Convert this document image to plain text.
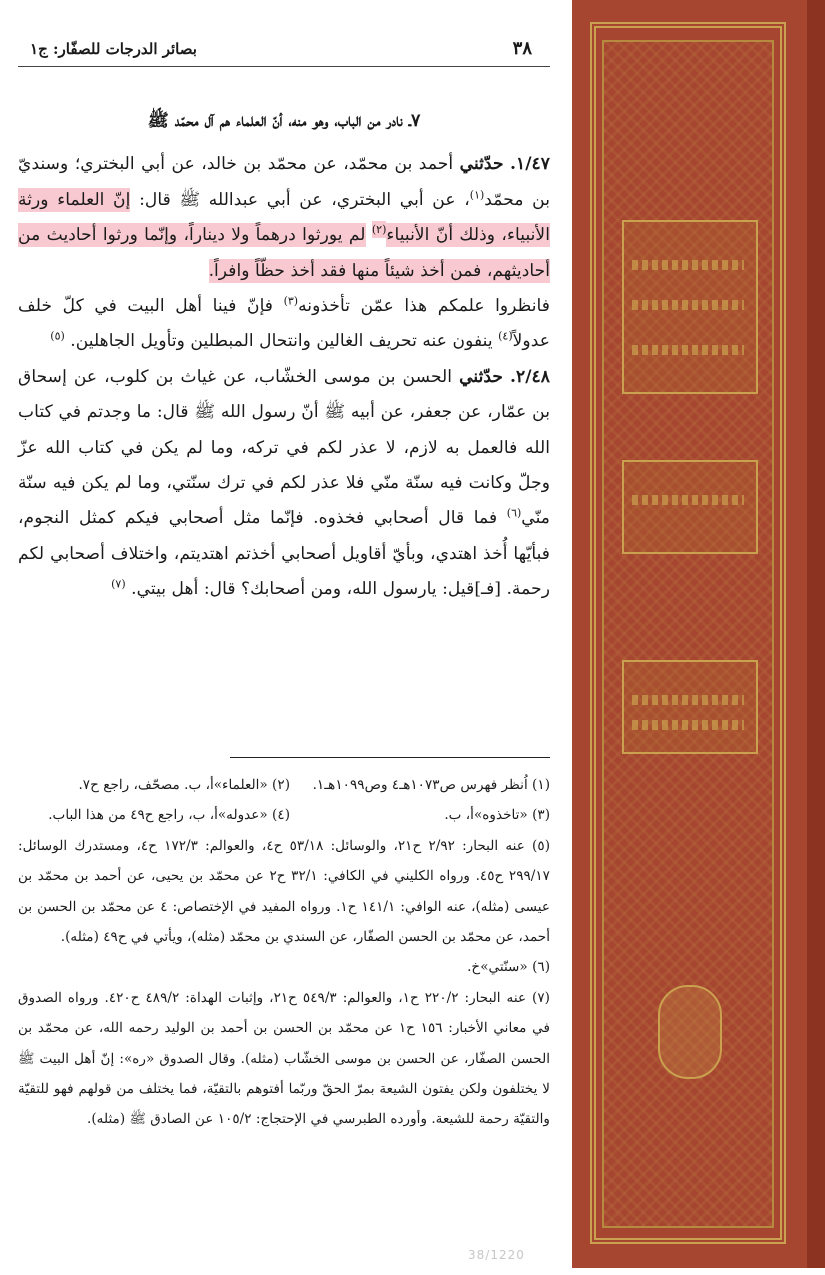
٣٨
بصائر الدرجات للصفّار: ج١

٧ـ نادر من الباب، وهو منه، أنّ العلماء هم آل محمّد ﷺ

١/٤٧. حدّثني أحمد بن محمّد، عن محمّد بن خالد، عن أبي البختري؛ وسنديّ بن محمّد$^{(١)}$، عن أبي البختري، عن أبي عبدالله ﷺ قال: إنّ العلماء ورثة الأنبياء، وذلك أنّ الأنبياء$^{(٢)}$ لم يورثوا درهماً ولا ديناراً، وإنّما ورثوا أحاديث من أحاديثهم، فمن أخذ شيئاً منها فقد أخذ حظّاً وافراً.

فانظروا علمكم هذا عمّن تأخذونه$^{(٣)}$ فإنّ فينا أهل البيت في كلّ خلف عدولاً$^{(٤)}$ ينفون عنه تحريف الغالين وانتحال المبطلين وتأويل الجاهلين. $^{(٥)}$

٢/٤٨. حدّثني الحسن بن موسى الخشّاب، عن غياث بن كلوب، عن إسحاق بن عمّار، عن جعفر، عن أبيه ﷺ أنّ رسول الله ﷺ قال: ما وجدتم في كتاب الله فالعمل به لازم، لا عذر لكم في تركه، وما لم يكن في كتاب الله عزّ وجلّ وكانت فيه سنّة منّي فلا عذر لكم في ترك سنّتي، وما لم يكن فيه سنّة منّي$^{(٦)}$ فما قال أصحابي فخذوه. فإنّما مثل أصحابي فيكم كمثل النجوم، فبأيّها أُخذ اهتدي، وبأيّ أقاويل أصحابي أخذتم اهتديتم، واختلاف أصحابي لكم رحمة. [فـ]قيل: يارسول الله، ومن أصحابك؟ قال: أهل بيتي. $^{(٧)}$

(١) اُنظر فهرس ص١٠٧٣هـ٤ وص١٠٩٩هـ١.
(٢) «العلماء»أ، ب. مصحّف، راجع ح٧.

(٣) «تاخذوه»أ، ب.
(٤) «عدوله»أ، ب، راجع ح٤٩ من هذا الباب.

(٥) عنه البحار: ٢/٩٢ ح٢١، والوسائل: ٥٣/١٨ ح٤، والعوالم: ١٧٢/٣ ح٤، ومستدرك الوسائل: ٢٩٩/١٧ ح٤٥. ورواه الكليني في الكافي: ٣٢/١ ح٢ عن محمّد بن يحيى، عن أحمد بن محمّد بن عيسى (مثله)، عنه الوافي: ١٤١/١ ح١. ورواه المفيد في الإختصاص: ٤ عن محمّد بن الحسن بن أحمد، عن محمّد بن الحسن الصفّار، عن السندي بن محمّد (مثله)، ويأتي في ح٤٩ (مثله).

(٦) «سنّتي»خ.

(٧) عنه البحار: ٢٢٠/٢ ح١، والعوالم: ٥٤٩/٣ ح٢١، وإثبات الهداة: ٤٨٩/٢ ح٤٢٠. ورواه الصدوق في معاني الأخبار: ١٥٦ ح١ عن محمّد بن الحسن بن أحمد بن الوليد رحمه الله، عن محمّد بن الحسن الصفّار، عن الحسن بن موسى الخشّاب (مثله). وقال الصدوق «ره»: إنّ أهل البيت ﷺ لا يختلفون ولكن يفتون الشيعة بمرّ الحقّ وربّما أفتوهم بالتقيّة، فما يختلف من قولهم فهو للتقيّة والتقيّة رحمة للشيعة. وأورده الطبرسي في الإحتجاج: ١٠٥/٢ عن الصادق ﷺ (مثله).

38/1220
